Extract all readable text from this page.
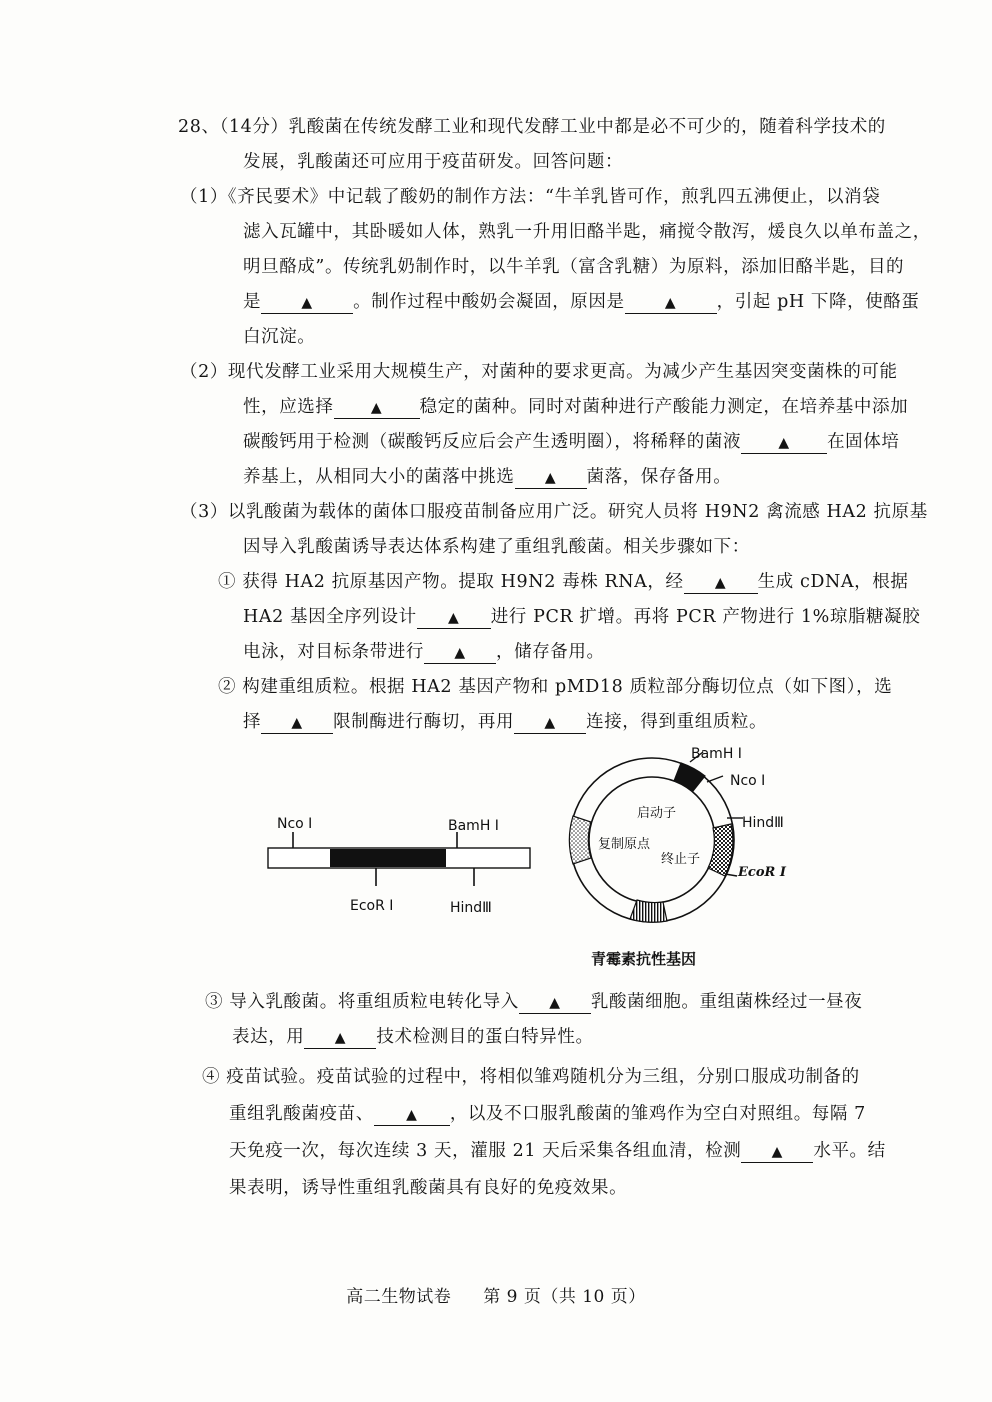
28、（14分）乳酸菌在传统发酵工业和现代发酵工业中都是必不可少的，随着科学技术的
发展，乳酸菌还可应用于疫苗研发。回答问题：
（1）《齐民要术》中记载了酸奶的制作方法：“牛羊乳皆可作，煎乳四五沸便止，以消袋
滤入瓦罐中，其卧暖如人体，熟乳一升用旧酪半匙，痛搅令散泻，煖良久以单布盖之，
明旦酪成”。传统乳奶制作时，以牛羊乳（富含乳糖）为原料，添加旧酪半匙，目的
是	▲ 。制作过程中酸奶会凝固，原因是	▲ ，引起 pH 下降，使酪蛋
白沉淀。
（2）现代发酵工业采用大规模生产，对菌种的要求更高。为减少产生基因突变菌株的可能
性，应选择	▲ 稳定的菌种。同时对菌种进行产酸能力测定，在培养基中添加
碳酸钙用于检测（碳酸钙反应后会产生透明圈），将稀释的菌液	▲ 在固体培
养基上，从相同大小的菌落中挑选 ▲ 菌落，保存备用。
（3）以乳酸菌为载体的菌体口服疫苗制备应用广泛。研究人员将 H9N2 禽流感 HA2 抗原基
因导入乳酸菌诱导表达体系构建了重组乳酸菌。相关步骤如下：
① 获得 HA2 抗原基因产物。提取 H9N2 毒株 RNA，经 ▲ 生成 cDNA，根据
HA2 基因全序列设计 ▲ 进行 PCR 扩增。再将 PCR 产物进行 1%琼脂糖凝胶
电泳，对目标条带进行 ▲ ，储存备用。
② 构建重组质粒。根据 HA2 基因产物和 pMD18 质粒部分酶切位点（如下图），选
择 ▲ 限制酶进行酶切，再用 ▲ 连接，得到重组质粒。
Nco Ⅰ	BamH Ⅰ
EcoR Ⅰ	HindⅢ
BamH Ⅰ
Nco Ⅰ
HindⅢ
EcoR Ⅰ
启动子
复制原点
终止子
青霉素抗性基因
③ 导入乳酸菌。将重组质粒电转化导入 ▲ 乳酸菌细胞。重组菌株经过一昼夜
表达，用 ▲ 技术检测目的蛋白特异性。
④ 疫苗试验。疫苗试验的过程中，将相似雏鸡随机分为三组，分别口服成功制备的
重组乳酸菌疫苗、 ▲ ，以及不口服乳酸菌的雏鸡作为空白对照组。每隔 7
天免疫一次，每次连续 3 天，灌服 21 天后采集各组血清，检测 ▲ 水平。结
果表明，诱导性重组乳酸菌具有良好的免疫效果。
高二生物试卷 第 9 页（共 10 页）
